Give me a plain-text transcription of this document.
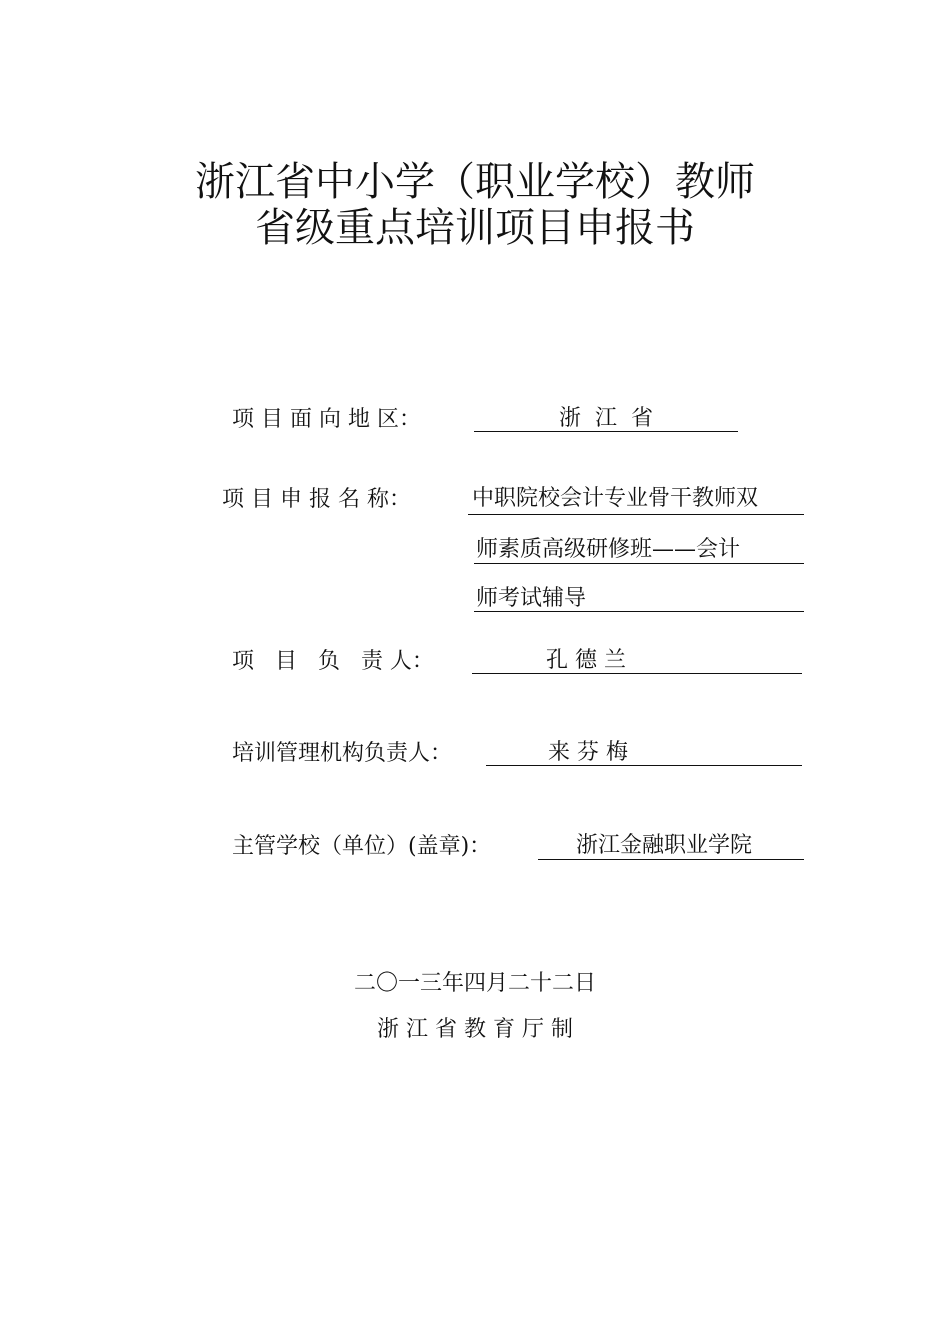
浙江省中小学（职业学校）教师
省级重点培训项目申报书
项 目 面 向 地 区：	浙  江  省
项 目 申 报 名 称：	中职院校会计专业骨干教师双
师素质高级研修班——会计
师考试辅导
项   目   负   责 人：	孔 德 兰
培训管理机构负责人：	来 芬 梅
主管学校（单位）(盖章)：	浙江金融职业学院
二〇一三年四月二十二日
浙 江 省 教 育 厅 制
